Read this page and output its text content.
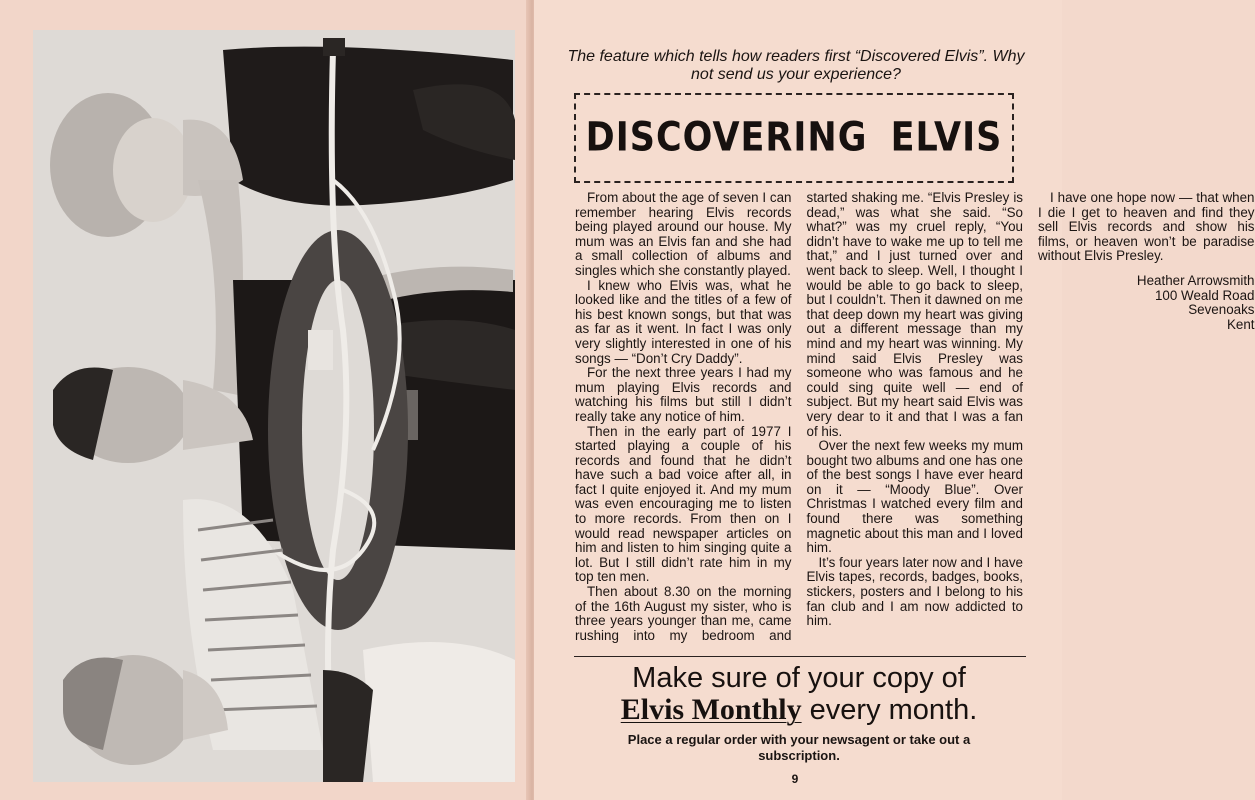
The feature which tells how readers first “Discovered Elvis”. Why not send us your experience?
DISCOVERING ELVIS

From about the age of seven I can remember hearing Elvis records being played around our house. My mum was an Elvis fan and she had a small collection of albums and singles which she constantly played.

I knew who Elvis was, what he looked like and the titles of a few of his best known songs, but that was as far as it went. In fact I was only very slightly interested in one of his songs — “Don’t Cry Daddy”.

For the next three years I had my mum playing Elvis records and watching his films but still I didn’t really take any notice of him.

Then in the early part of 1977 I started playing a couple of his records and found that he didn’t have such a bad voice after all, in fact I quite enjoyed it. And my mum was even encouraging me to listen to more records. From then on I would read newspaper articles on him and listen to him singing quite a lot. But I still didn’t rate him in my top ten men.

Then about 8.30 on the morning of the 16th August my sister, who is three years younger than me, came rushing into my bedroom and started shaking me. “Elvis Presley is dead,” was what she said. “So what?” was my cruel reply, “You didn’t have to wake me up to tell me that,” and I just turned over and went back to sleep. Well, I thought I would be able to go back to sleep, but I couldn’t. Then it dawned on me that deep down my heart was giving out a different message than my mind and my heart was winning. My mind said Elvis Presley was someone who was famous and he could sing quite well — end of subject. But my heart said Elvis was very dear to it and that I was a fan of his.

Over the next few weeks my mum bought two albums and one has one of the best songs I have ever heard on it — “Moody Blue”. Over Christmas I watched every film and found there was something magnetic about this man and I loved him.

It’s four years later now and I have Elvis tapes, records, badges, books, stickers, posters and I belong to his fan club and I am now addicted to him.

I have one hope now — that when I die I get to heaven and find they sell Elvis records and show his films, or heaven won’t be paradise without Elvis Presley.

Heather Arrowsmith
100 Weald Road
Sevenoaks
Kent
Make sure of your copy of
Elvis Monthly every month.
Place a regular order with your newsagent or take out a subscription.
9
